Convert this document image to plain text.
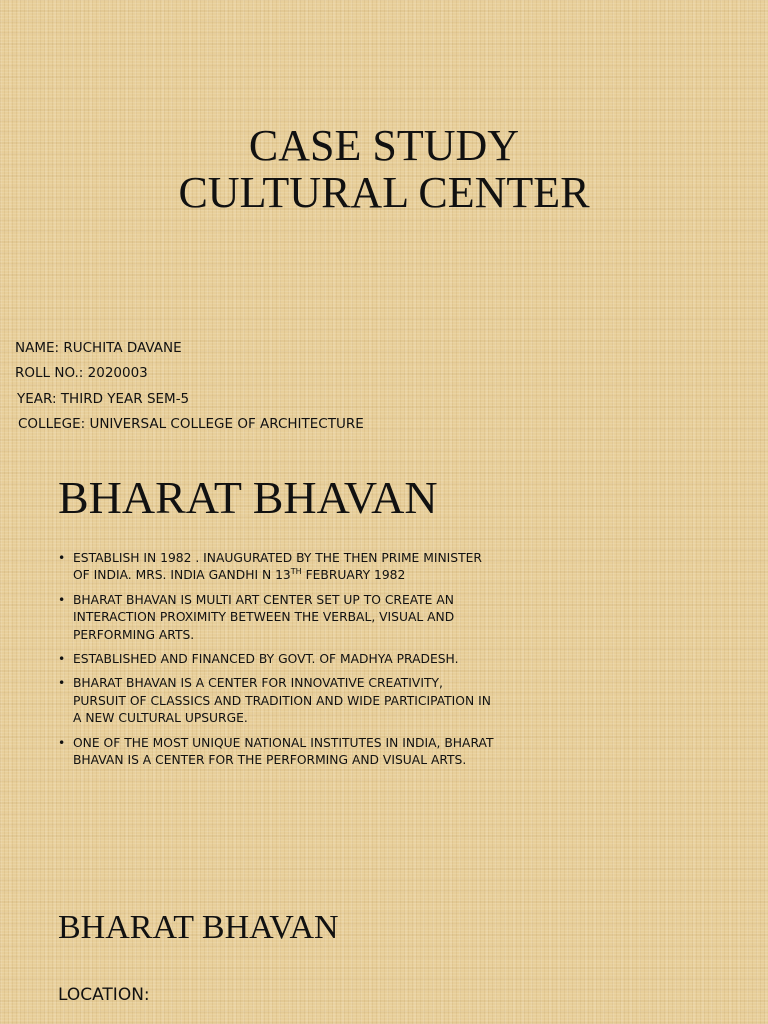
CASE STUDY
CULTURAL CENTER
NAME: RUCHITA DAVANE
ROLL NO.: 2020003
YEAR: THIRD YEAR SEM-5
COLLEGE: UNIVERSAL COLLEGE OF ARCHITECTURE
BHARAT BHAVAN
• ESTABLISH IN 1982 . INAUGURATED BY THE THEN PRIME MINISTER OF INDIA. MRS. INDIA GANDHI N 13TH FEBRUARY 1982
• BHARAT BHAVAN IS MULTI ART CENTER SET UP TO CREATE AN INTERACTION PROXIMITY BETWEEN THE VERBAL, VISUAL AND PERFORMING ARTS.
• ESTABLISHED AND FINANCED BY GOVT. OF MADHYA PRADESH.
• BHARAT BHAVAN IS A CENTER FOR INNOVATIVE CREATIVITY, PURSUIT OF CLASSICS AND TRADITION AND WIDE PARTICIPATION IN A NEW CULTURAL UPSURGE.
• ONE OF THE MOST UNIQUE NATIONAL INSTITUTES IN INDIA, BHARAT BHAVAN IS A CENTER FOR THE PERFORMING AND VISUAL ARTS.
BHARAT BHAVAN
LOCATION:
